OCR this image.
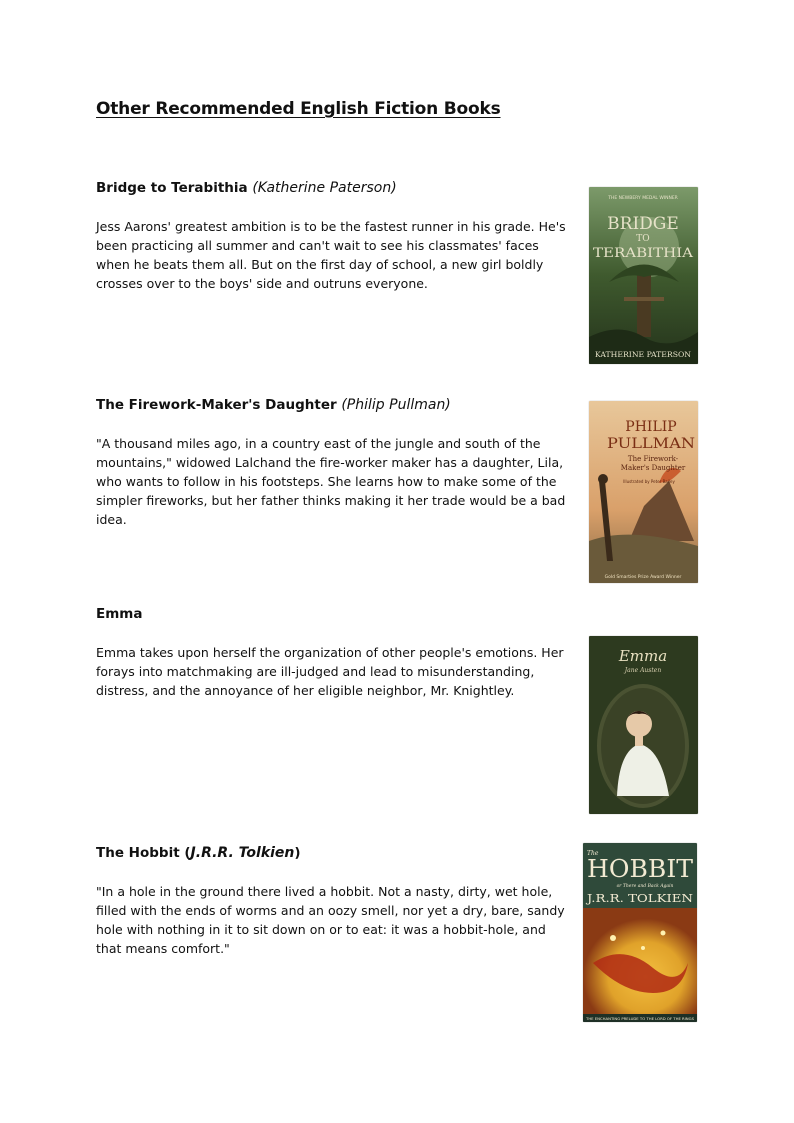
Other Recommended English Fiction Books
Bridge to Terabithia (Katherine Paterson)

Jess Aarons' greatest ambition is to be the fastest runner in his grade. He's been practicing all summer and can't wait to see his classmates' faces when he beats them all. But on the first day of school, a new girl boldly crosses over to the boys' side and outruns everyone.

THE NEWBERY MEDAL WINNER
BRIDGE
TO
TERABITHIA
KATHERINE PATERSON
The Firework-Maker's Daughter (Philip Pullman)

"A thousand miles ago, in a country east of the jungle and south of the mountains," widowed Lalchand the fire-worker maker has a daughter, Lila, who wants to follow in his footsteps. She learns how to make some of the simpler fireworks, but her father thinks making it her trade would be a bad idea.

PHILIP
PULLMAN
The Firework-
Maker's Daughter
Illustrated by Peter Bailey
Gold Smarties Prize Award Winner
Emma

Emma takes upon herself the organization of other people's emotions. Her forays into matchmaking are ill-judged and lead to misunderstanding, distress, and the annoyance of her eligible neighbor, Mr. Knightley.

Emma
Jane Austen
The Hobbit (J.R.R. Tolkien)

"In a hole in the ground there lived a hobbit. Not a nasty, dirty, wet hole, filled with the ends of worms and an oozy smell, nor yet a dry, bare, sandy hole with nothing in it to sit down on or to eat: it was a hobbit-hole, and that means comfort."

The
HOBBIT
or There and Back Again
J.R.R. TOLKIEN
THE ENCHANTING PRELUDE TO THE LORD OF THE RINGS
